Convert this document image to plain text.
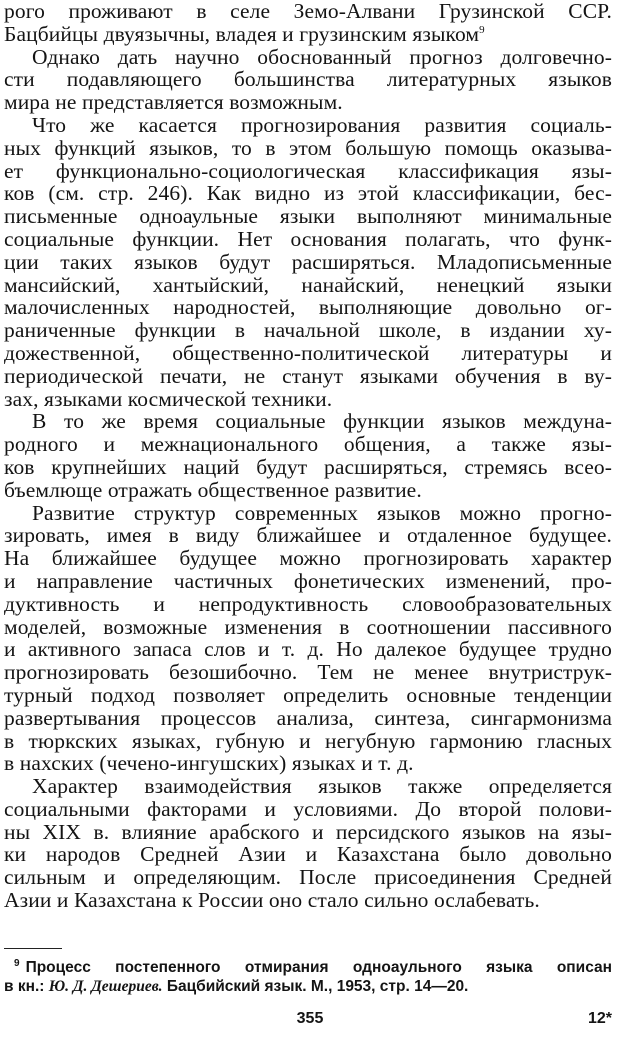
рого проживают в селе Земо-Алвани Грузинской ССР.
Бацбийцы двуязычны, владея и грузинским языком$^9$
Однако дать научно обоснованный прогноз долговечно-
сти подавляющего большинства литературных языков
мира не представляется возможным.
Что же касается прогнозирования развития социаль-
ных функций языков, то в этом большую помощь оказыва-
ет функционально-социологическая классификация язы-
ков (см. стр. 246). Как видно из этой классификации, бес-
письменные одноаульные языки выполняют минимальные
социальные функции. Нет основания полагать, что функ-
ции таких языков будут расширяться. Младописьменные
мансийский, хантыйский, нанайский, ненецкий языки
малочисленных народностей, выполняющие довольно ог-
раниченные функции в начальной школе, в издании ху-
дожественной, общественно-политической литературы и
периодической печати, не станут языками обучения в ву-
зах, языками космической техники.
В то же время социальные функции языков междуна-
родного и межнационального общения, а также язы-
ков крупнейших наций будут расширяться, стремясь всео-
бъемлюще отражать общественное развитие.
Развитие структур современных языков можно прогно-
зировать, имея в виду ближайшее и отдаленное будущее.
На ближайшее будущее можно прогнозировать характер
и направление частичных фонетических изменений, про-
дуктивность и непродуктивность словообразовательных
моделей, возможные изменения в соотношении пассивного
и активного запаса слов и т. д. Но далекое будущее трудно
прогнозировать безошибочно. Тем не менее внутриструк-
турный подход позволяет определить основные тенденции
развертывания процессов анализа, синтеза, сингармонизма
в тюркских языках, губную и негубную гармонию гласных
в нахских (чечено-ингушских) языках и т. д.
Характер взаимодействия языков также определяется
социальными факторами и условиями. До второй полови-
ны XIX в. влияние арабского и персидского языков на язы-
ки народов Средней Азии и Казахстана было довольно
сильным и определяющим. После присоединения Средней
Азии и Казахстана к России оно стало сильно ослабевать.
$^9$ Процесс постепенного отмирания одноаульного языка описан
в кн.: Ю. Д. Дешериев. Бацбийский язык. М., 1953, стр. 14—20.
355	12*
